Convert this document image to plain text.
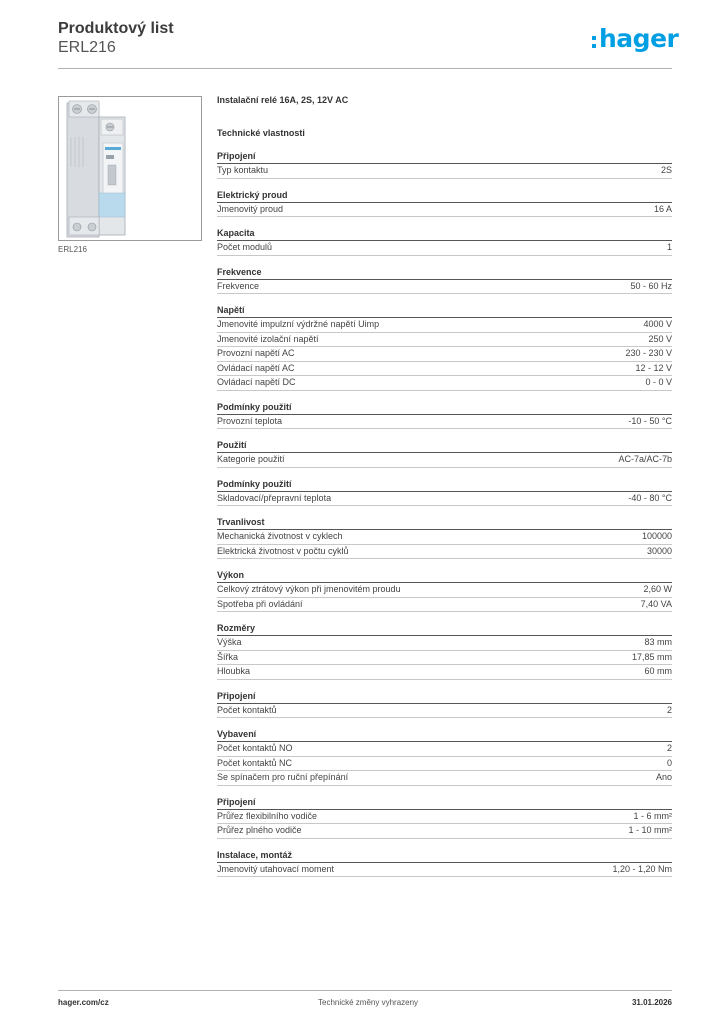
Produktový list
ERL216	hager
ERL216
Instalační relé 16A, 2S, 12V AC
Technické vlastnosti
Připojení
Typ kontaktu	2S
Elektrický proud
Jmenovitý proud	16 A
Kapacita
Počet modulů	1
Frekvence
Frekvence	50 - 60 Hz
Napětí
Jmenovité impulzní výdržné napětí Uimp	4000 V
Jmenovité izolační napětí	250 V
Provozní napětí AC	230 - 230 V
Ovládací napětí AC	12 - 12 V
Ovládací napětí DC	0 - 0 V
Podmínky použití
Provozní teplota	-10 - 50 °C
Použití
Kategorie použití	AC-7a/AC-7b
Podmínky použití
Skladovací/přepravní teplota	-40 - 80 °C
Trvanlivost
Mechanická životnost v cyklech	100000
Elektrická životnost v počtu cyklů	30000
Výkon
Celkový ztrátový výkon při jmenovitém proudu	2,60 W
Spotřeba při ovládání	7,40 VA
Rozměry
Výška	83 mm
Šířka	17,85 mm
Hloubka	60 mm
Připojení
Počet kontaktů	2
Vybavení
Počet kontaktů NO	2
Počet kontaktů NC	0
Se spínačem pro ruční přepínání	Ano
Připojení
Průřez flexibilního vodiče	1 - 6 mm²
Průřez plného vodiče	1 - 10 mm²
Instalace, montáž
Jmenovitý utahovací moment	1,20 - 1,20 Nm
hager.com/cz	Technické změny vyhrazeny	31.01.2026
